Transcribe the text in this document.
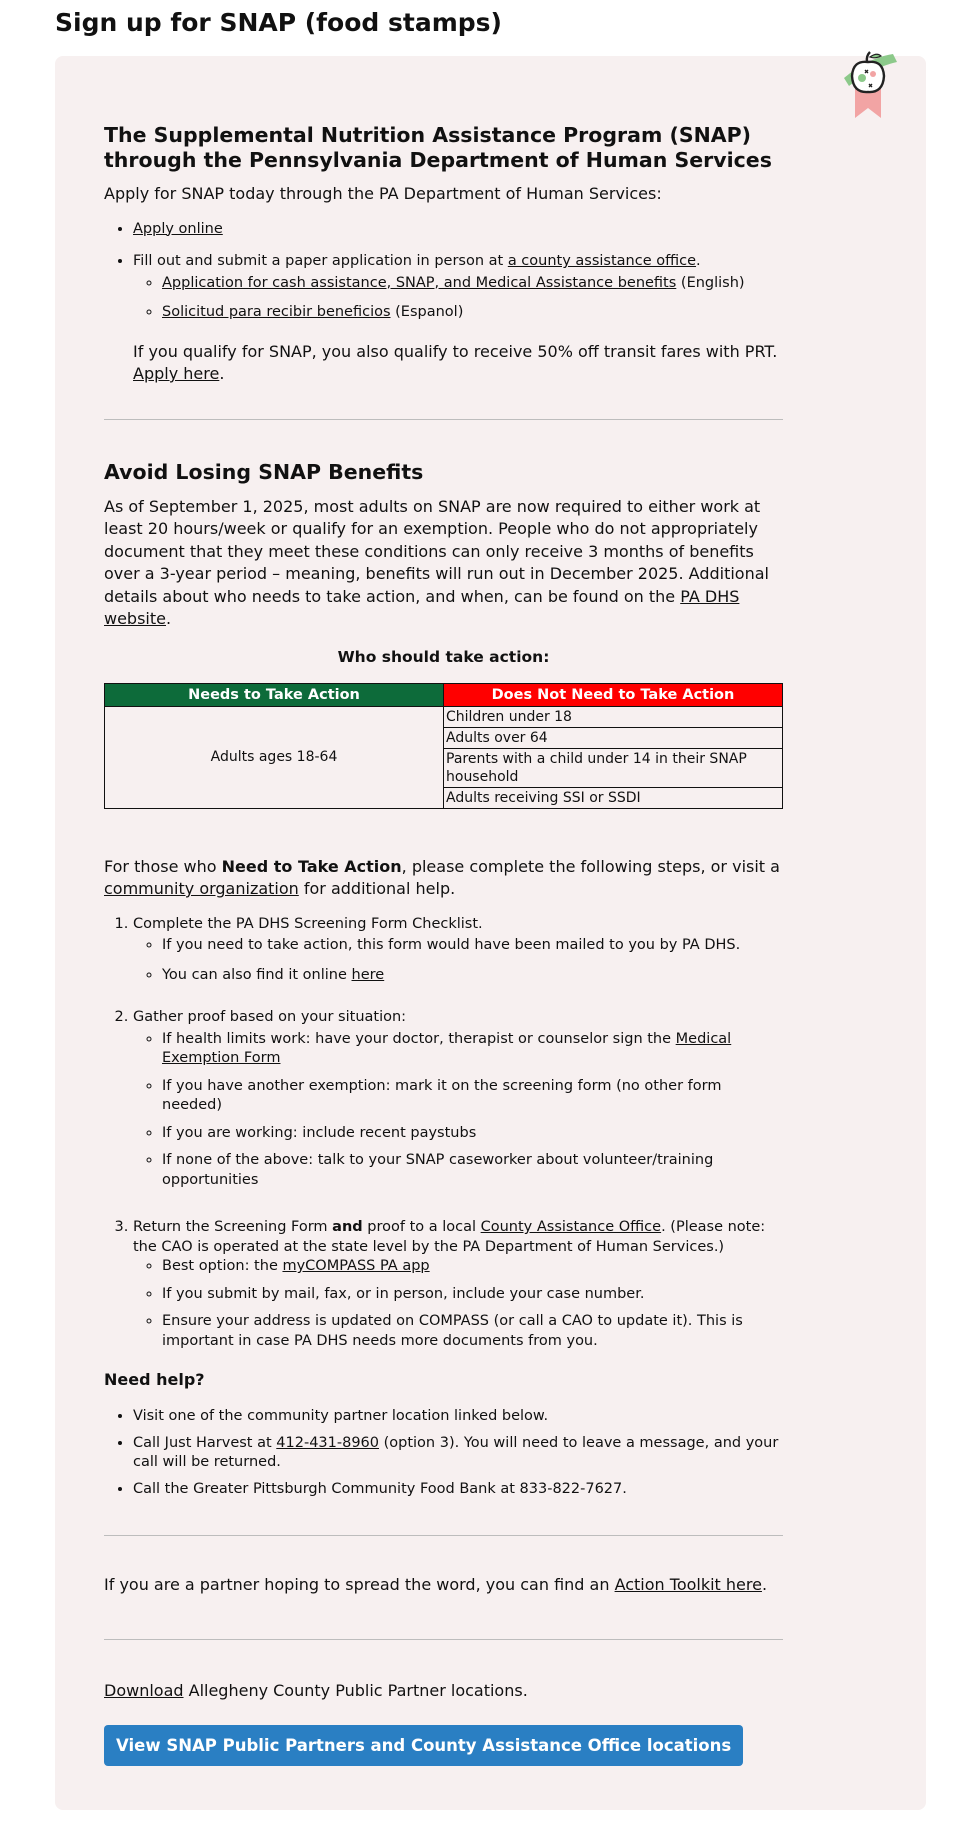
Sign up for SNAP (food stamps)
The Supplemental Nutrition Assistance Program (SNAP) through the Pennsylvania Department of Human Services

Apply for SNAP today through the PA Department of Human Services:

• Apply online
• Fill out and submit a paper application in person at a county assistance office.
◦ Application for cash assistance, SNAP, and Medical Assistance benefits (English)
◦ Solicitud para recibir beneficios (Espanol)

If you qualify for SNAP, you also qualify to receive 50% off transit fares with PRT. Apply here.

Avoid Losing SNAP Benefits

As of September 1, 2025, most adults on SNAP are now required to either work at least 20 hours/week or qualify for an exemption. People who do not appropriately document that they meet these conditions can only receive 3 months of benefits over a 3-year period – meaning, benefits will run out in December 2025. Additional details about who needs to take action, and when, can be found on the PA DHS website.

Who should take action:

Needs to Take Action	Does Not Need to Take Action
Adults ages 18-64	Children under 18
	Adults over 64
	Parents with a child under 14 in their SNAP household
	Adults receiving SSI or SSDI

For those who Need to Take Action, please complete the following steps, or visit a community organization for additional help.

1. Complete the PA DHS Screening Form Checklist.
◦ If you need to take action, this form would have been mailed to you by PA DHS.
◦ You can also find it online here
2. Gather proof based on your situation:
◦ If health limits work: have your doctor, therapist or counselor sign the Medical Exemption Form
◦ If you have another exemption: mark it on the screening form (no other form needed)
◦ If you are working: include recent paystubs
◦ If none of the above: talk to your SNAP caseworker about volunteer/training opportunities
3. Return the Screening Form and proof to a local County Assistance Office. (Please note: the CAO is operated at the state level by the PA Department of Human Services.)
◦ Best option: the myCOMPASS PA app
◦ If you submit by mail, fax, or in person, include your case number.
◦ Ensure your address is updated on COMPASS (or call a CAO to update it). This is important in case PA DHS needs more documents from you.

Need help?

• Visit one of the community partner location linked below.
• Call Just Harvest at 412-431-8960 (option 3). You will need to leave a message, and your call will be returned.
• Call the Greater Pittsburgh Community Food Bank at 833-822-7627.

If you are a partner hoping to spread the word, you can find an Action Toolkit here.

Download Allegheny County Public Partner locations.

View SNAP Public Partners and County Assistance Office locations
